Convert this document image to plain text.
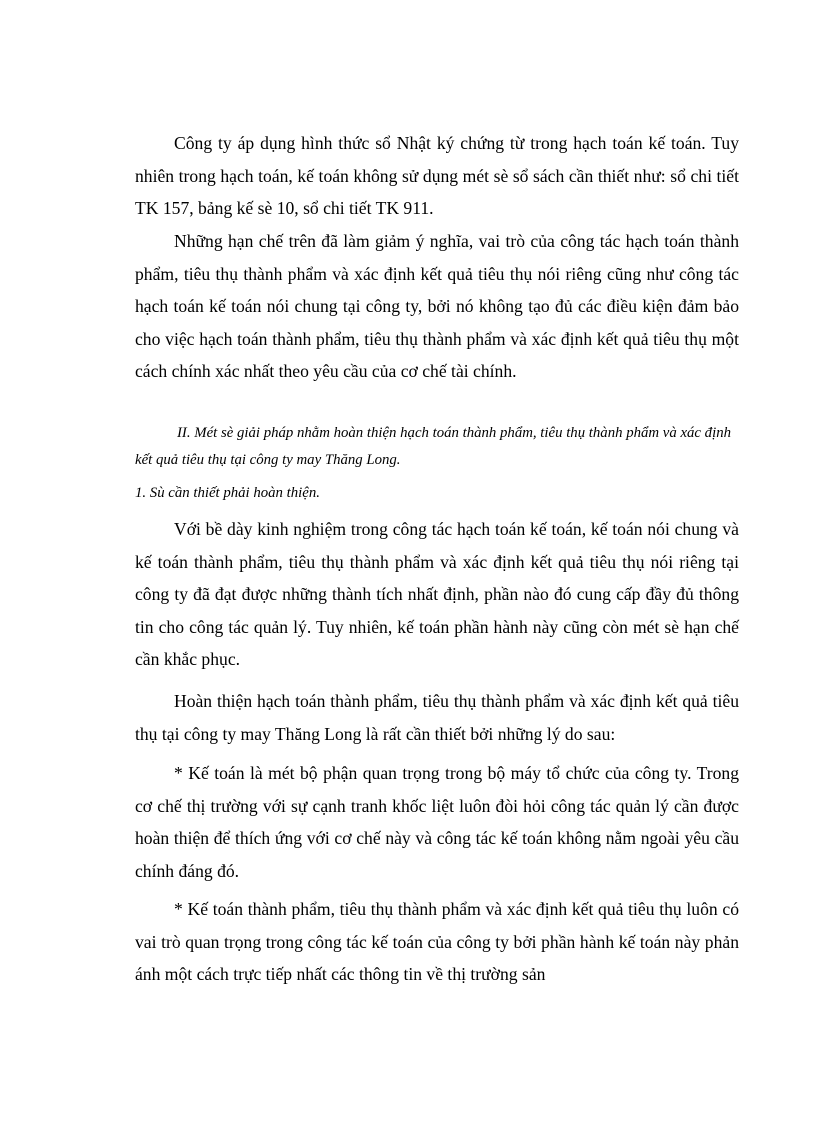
Công ty áp dụng hình thức sổ Nhật ký chứng từ trong hạch toán kế toán. Tuy nhiên trong hạch toán, kế toán không sử dụng mét sè sổ sách cần thiết như: sổ chi tiết TK 157, bảng kế sè 10, sổ chi tiết TK 911.

Những hạn chế trên đã làm giảm ý nghĩa, vai trò của công tác hạch toán thành phẩm, tiêu thụ thành phẩm và xác định kết quả tiêu thụ nói riêng cũng như công tác hạch toán kế toán nói chung tại công ty, bởi nó không tạo đủ các điều kiện đảm bảo cho việc hạch toán thành phẩm, tiêu thụ thành phẩm và xác định kết quả tiêu thụ một cách chính xác nhất theo yêu cầu của cơ chế tài chính.

II. Mét sè giải pháp nhằm hoàn thiện hạch toán thành phẩm, tiêu thụ thành phẩm và xác định kết quả tiêu thụ tại công ty may Thăng Long.

1. Sù cần thiết phải hoàn thiện.

Với bề dày kinh nghiệm trong công tác hạch toán kế toán, kế toán nói chung và kế toán thành phẩm, tiêu thụ thành phẩm và xác định kết quả tiêu thụ nói riêng tại công ty đã đạt được những thành tích nhất định, phần nào đó cung cấp đầy đủ thông tin cho công tác quản lý. Tuy nhiên, kế toán phần hành này cũng còn mét sè hạn chế cần khắc phục.

Hoàn thiện hạch toán thành phẩm, tiêu thụ thành phẩm và xác định kết quả tiêu thụ tại công ty may Thăng Long là rất cần thiết bởi những lý do sau:

* Kế toán là mét bộ phận quan trọng trong bộ máy tổ chức của công ty. Trong cơ chế thị trường với sự cạnh tranh khốc liệt luôn đòi hỏi công tác quản lý cần được hoàn thiện để thích ứng với cơ chế này và công tác kế toán không nằm ngoài yêu cầu chính đáng đó.

* Kế toán thành phẩm, tiêu thụ thành phẩm và xác định kết quả tiêu thụ luôn có vai trò quan trọng trong công tác kế toán của công ty bởi phần hành kế toán này phản ánh một cách trực tiếp nhất các thông tin về thị trường sản
